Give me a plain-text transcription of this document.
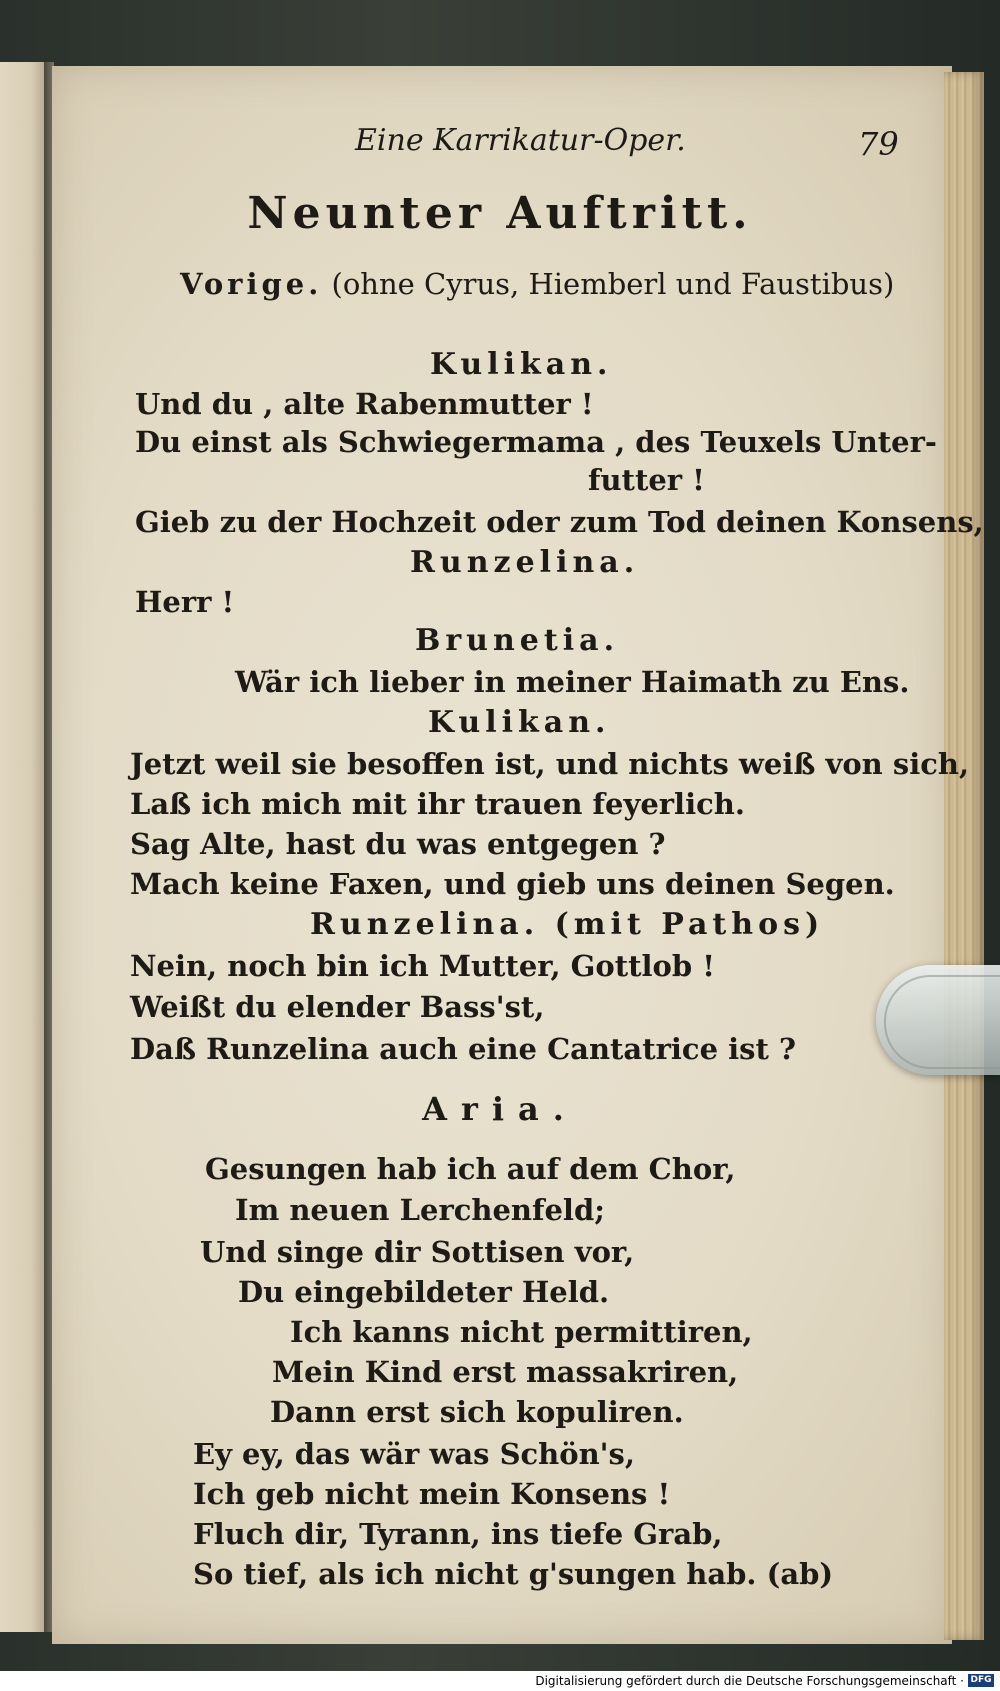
Eine Karrikatur-Oper.	79
Neunter Auftritt.
Vorige. (ohne Cyrus, Hiemberl und Faustibus)
Kulikan.
Und du , alte Rabenmutter !
Du einst als Schwiegermama , des Teuxels Unter-
futter !
Gieb zu der Hochzeit oder zum Tod deinen Konsens,
Runzelina.
Herr !
Brunetia.
Wär ich lieber in meiner Haimath zu Ens.
Kulikan.
Jetzt weil sie besoffen ist, und nichts weiß von sich,
Laß ich mich mit ihr trauen feyerlich.
Sag Alte, hast du was entgegen ?
Mach keine Faxen, und gieb uns deinen Segen.
Runzelina. (mit Pathos)
Nein, noch bin ich Mutter, Gottlob !
Weißt du elender Bass'st,
Daß Runzelina auch eine Cantatrice ist ?
Aria.
Gesungen hab ich auf dem Chor,
Im neuen Lerchenfeld;
Und singe dir Sottisen vor,
Du eingebildeter Held.
Ich kanns nicht permittiren,
Mein Kind erst massakriren,
Dann erst sich kopuliren.
Ey ey, das wär was Schön's,
Ich geb nicht mein Konsens !
Fluch dir, Tyrann, ins tiefe Grab,
So tief, als ich nicht g'sungen hab. (ab)
Digitalisierung gefördert durch die Deutsche Forschungsgemeinschaft · DFG
